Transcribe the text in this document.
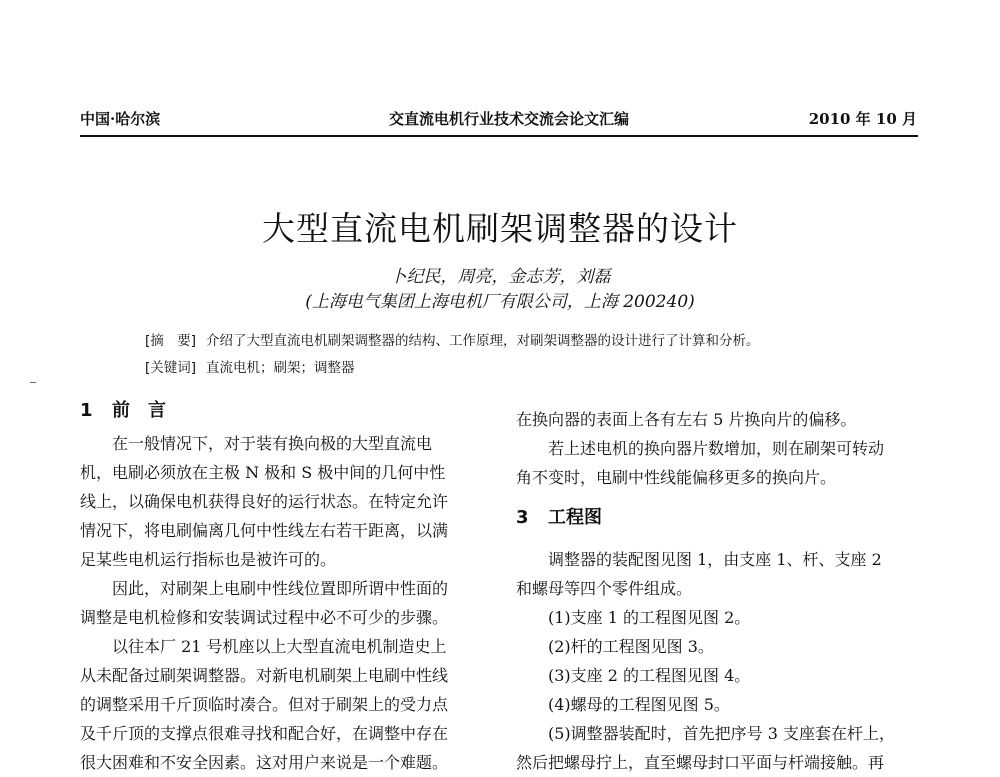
中国·哈尔滨	交直流电机行业技术交流会论文汇编	2010 年 10 月
大型直流电机刷架调整器的设计
卜纪民，周亮，金志芳，刘磊
(上海电气集团上海电机厂有限公司，上海 200240)
[摘　要] 介绍了大型直流电机刷架调整器的结构、工作原理，对刷架调整器的设计进行了计算和分析。
[关键词] 直流电机；刷架；调整器
1 前　言

在一般情况下，对于装有换向极的大型直流电
机，电刷必须放在主极 N 极和 S 极中间的几何中性
线上，以确保电机获得良好的运行状态。在特定允许
情况下，将电刷偏离几何中性线左右若干距离，以满
足某些电机运行指标也是被许可的。

因此，对刷架上电刷中性线位置即所谓中性面的
调整是电机检修和安装调试过程中必不可少的步骤。

以往本厂 21 号机座以上大型直流电机制造史上
从未配备过刷架调整器。对新电机刷架上电刷中性线
的调整采用千斤顶临时凑合。但对于刷架上的受力点
及千斤顶的支撑点很难寻找和配合好，在调整中存在
很大困难和不安全因素。这对用户来说是一个难题。

在换向器的表面上各有左右 5 片换向片的偏移。

若上述电机的换向器片数增加，则在刷架可转动
角不变时，电刷中性线能偏移更多的换向片。

3 工程图

调整器的装配图见图 1，由支座 1、杆、支座 2
和螺母等四个零件组成。

(1)支座 1 的工程图见图 2。
(2)杆的工程图见图 3。
(3)支座 2 的工程图见图 4。
(4)螺母的工程图见图 5。

(5)调整器装配时，首先把序号 3 支座套在杆上，
然后把螺母拧上，直至螺母封口平面与杆端接触。再
